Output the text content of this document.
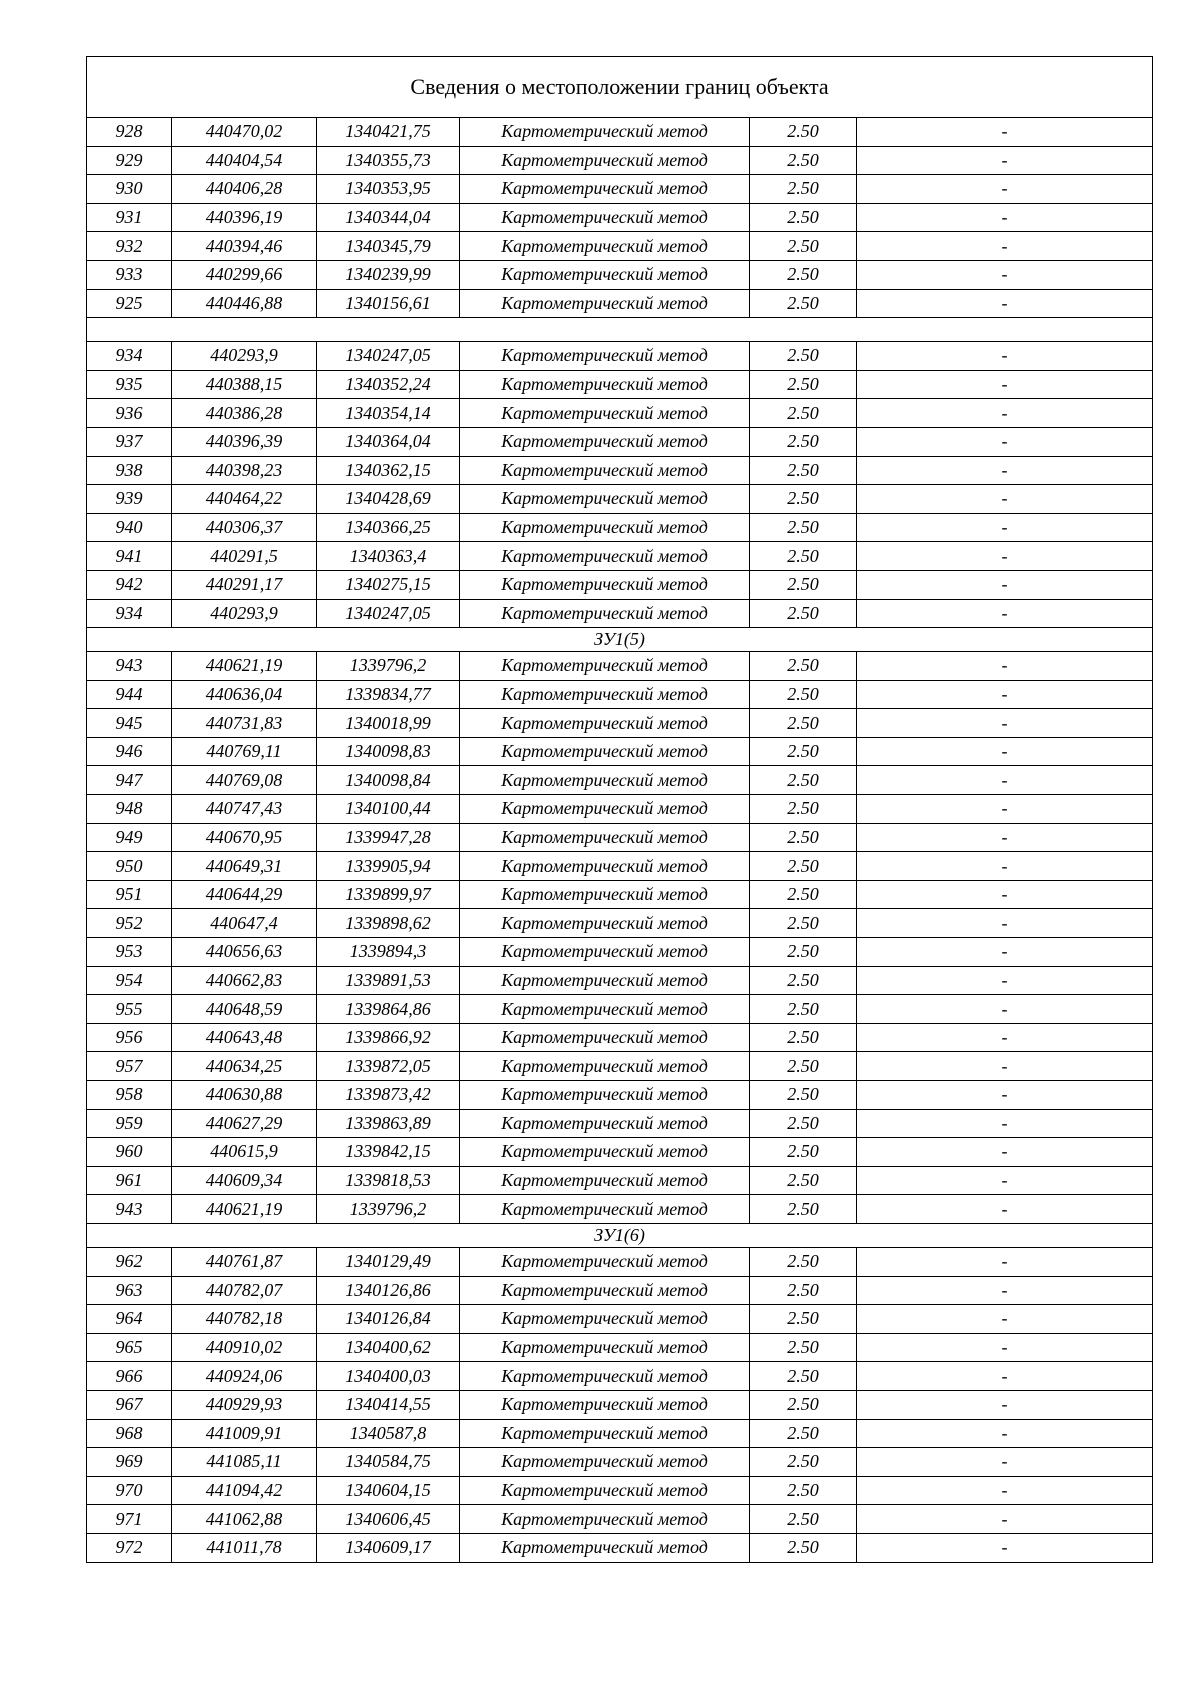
Сведения о местоположении границ объекта					
928	440470,02	1340421,75	Картометрический метод	2.50	-
929	440404,54	1340355,73	Картометрический метод	2.50	-
930	440406,28	1340353,95	Картометрический метод	2.50	-
931	440396,19	1340344,04	Картометрический метод	2.50	-
932	440394,46	1340345,79	Картометрический метод	2.50	-
933	440299,66	1340239,99	Картометрический метод	2.50	-
925	440446,88	1340156,61	Картометрический метод	2.50	-

934	440293,9	1340247,05	Картометрический метод	2.50	-
935	440388,15	1340352,24	Картометрический метод	2.50	-
936	440386,28	1340354,14	Картометрический метод	2.50	-
937	440396,39	1340364,04	Картометрический метод	2.50	-
938	440398,23	1340362,15	Картометрический метод	2.50	-
939	440464,22	1340428,69	Картометрический метод	2.50	-
940	440306,37	1340366,25	Картометрический метод	2.50	-
941	440291,5	1340363,4	Картометрический метод	2.50	-
942	440291,17	1340275,15	Картометрический метод	2.50	-
934	440293,9	1340247,05	Картометрический метод	2.50	-
ЗУ1(5)					
943	440621,19	1339796,2	Картометрический метод	2.50	-
944	440636,04	1339834,77	Картометрический метод	2.50	-
945	440731,83	1340018,99	Картометрический метод	2.50	-
946	440769,11	1340098,83	Картометрический метод	2.50	-
947	440769,08	1340098,84	Картометрический метод	2.50	-
948	440747,43	1340100,44	Картометрический метод	2.50	-
949	440670,95	1339947,28	Картометрический метод	2.50	-
950	440649,31	1339905,94	Картометрический метод	2.50	-
951	440644,29	1339899,97	Картометрический метод	2.50	-
952	440647,4	1339898,62	Картометрический метод	2.50	-
953	440656,63	1339894,3	Картометрический метод	2.50	-
954	440662,83	1339891,53	Картометрический метод	2.50	-
955	440648,59	1339864,86	Картометрический метод	2.50	-
956	440643,48	1339866,92	Картометрический метод	2.50	-
957	440634,25	1339872,05	Картометрический метод	2.50	-
958	440630,88	1339873,42	Картометрический метод	2.50	-
959	440627,29	1339863,89	Картометрический метод	2.50	-
960	440615,9	1339842,15	Картометрический метод	2.50	-
961	440609,34	1339818,53	Картометрический метод	2.50	-
943	440621,19	1339796,2	Картометрический метод	2.50	-
ЗУ1(6)					
962	440761,87	1340129,49	Картометрический метод	2.50	-
963	440782,07	1340126,86	Картометрический метод	2.50	-
964	440782,18	1340126,84	Картометрический метод	2.50	-
965	440910,02	1340400,62	Картометрический метод	2.50	-
966	440924,06	1340400,03	Картометрический метод	2.50	-
967	440929,93	1340414,55	Картометрический метод	2.50	-
968	441009,91	1340587,8	Картометрический метод	2.50	-
969	441085,11	1340584,75	Картометрический метод	2.50	-
970	441094,42	1340604,15	Картометрический метод	2.50	-
971	441062,88	1340606,45	Картометрический метод	2.50	-
972	441011,78	1340609,17	Картометрический метод	2.50	-
